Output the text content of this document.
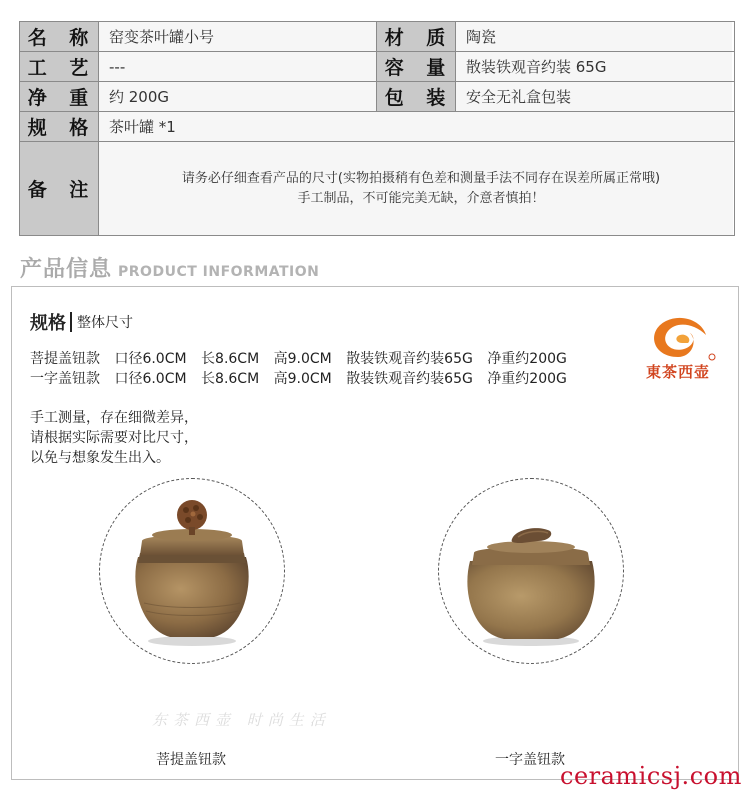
名 称 窑变茶叶罐小号	材 质 陶瓷
工 艺 ---	容 量 散装铁观音约装 65G
净 重 约 200G	包 装 安全无礼盒包装
规 格 茶叶罐 *1
备 注
请务必仔细查看产品的尺寸(实物拍摄稍有色差和测量手法不同存在误差所属正常哦)
手工制品，不可能完美无缺，介意者慎拍！
产品信息 PRODUCT INFORMATION
规格 整体尺寸
菩提盖钮款 口径6.0CM 长8.6CM 高9.0CM 散装铁观音约装65G 净重约200G
一字盖钮款 口径6.0CM 长8.6CM 高9.0CM 散装铁观音约装65G 净重约200G
手工测量，存在细微差异，
请根据实际需要对比尺寸，
以免与想象发生出入。
東茶西壶
菩提盖钮款	一字盖钮款
东茶西壶 时尚生活
ceramicsj.com
